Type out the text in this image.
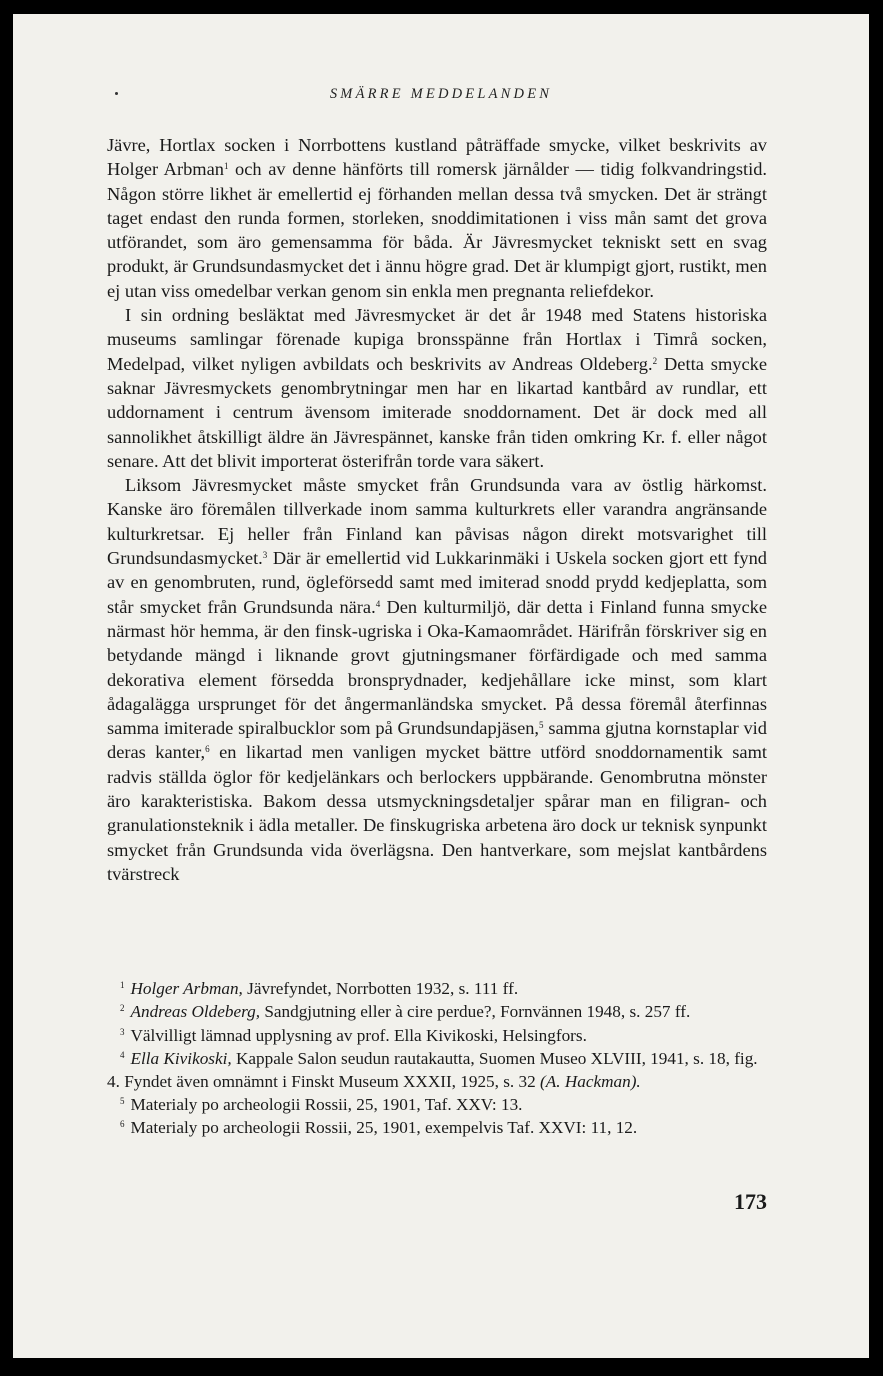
SMÄRRE MEDDELANDEN

Jävre, Hortlax socken i Norrbottens kustland påträffade smycke, vilket beskrivits av Holger Arbman$^1$ och av denne hänförts till romersk järnålder — tidig folkvandringstid. Någon större likhet är emellertid ej förhanden mellan dessa två smycken. Det är strängt taget endast den runda formen, storleken, snoddimitationen i viss mån samt det grova utförandet, som äro gemensamma för båda. Är Jävresmycket tekniskt sett en svag produkt, är Grundsundasmycket det i ännu högre grad. Det är klumpigt gjort, rustikt, men ej utan viss omedelbar verkan genom sin enkla men pregnanta reliefdekor.

I sin ordning besläktat med Jävresmycket är det år 1948 med Statens historiska museums samlingar förenade kupiga bronsspänne från Hortlax i Timrå socken, Medelpad, vilket nyligen avbildats och beskrivits av Andreas Oldeberg.$^2$ Detta smycke saknar Jävresmyckets genombrytningar men har en likartad kantbård av rundlar, ett uddornament i centrum ävensom imiterade snoddornament. Det är dock med all sannolikhet åtskilligt äldre än Jävrespännet, kanske från tiden omkring Kr. f. eller något senare. Att det blivit importerat österifrån torde vara säkert.

Liksom Jävresmycket måste smycket från Grundsunda vara av östlig härkomst. Kanske äro föremålen tillverkade inom samma kulturkrets eller varandra angränsande kulturkretsar. Ej heller från Finland kan påvisas någon direkt motsvarighet till Grundsundasmycket.$^3$ Där är emellertid vid Lukkarinmäki i Uskela socken gjort ett fynd av en genombruten, rund, öglеförsedd samt med imiterad snodd prydd kedjeplatta, som står smycket från Grundsunda nära.$^4$ Den kulturmiljö, där detta i Finland funna smycke närmast hör hemma, är den finsk-ugriska i Oka-Kamaområdet. Härifrån förskriver sig en betydande mängd i liknande grovt gjutningsmaner förfärdigade och med samma dekorativa element försedda bronsprydnader, kedjehållare icke minst, som klart ådagalägga ursprunget för det ångermanländska smycket. På dessa föremål återfinnas samma imiterade spiralbucklor som på Grundsundapjäsen,$^5$ samma gjutna kornstaplar vid deras kanter,$^6$ en likartad men vanligen mycket bättre utförd snoddornamentik samt radvis ställda öglor för kedjelänkars och berlockers uppbärande. Genombrutna mönster äro karakteristiska. Bakom dessa utsmyckningsdetaljer spårar man en filigran- och granulationsteknik i ädla metaller. De finskugriska arbetena äro dock ur teknisk synpunkt smycket från Grundsunda vida överlägsna. Den hantverkare, som mejslat kantbårdens tvärstreck

$^1$ Holger Arbman, Jävrefyndet, Norrbotten 1932, s. 111 ff.
$^2$ Andreas Oldeberg, Sandgjutning eller à cire perdue?, Fornvännen 1948, s. 257 ff.
$^3$ Välvilligt lämnad upplysning av prof. Ella Kivikoski, Helsingfors.
$^4$ Ella Kivikoski, Kappale Salon seudun rautakautta, Suomen Museo XLVIII, 1941, s. 18, fig. 4. Fyndet även omnämnt i Finskt Museum XXXII, 1925, s. 32 (A. Hackman).
$^5$ Materialy po archeologii Rossii, 25, 1901, Taf. XXV: 13.
$^6$ Materialy po archeologii Rossii, 25, 1901, exempelvis Taf. XXVI: 11, 12.
173
